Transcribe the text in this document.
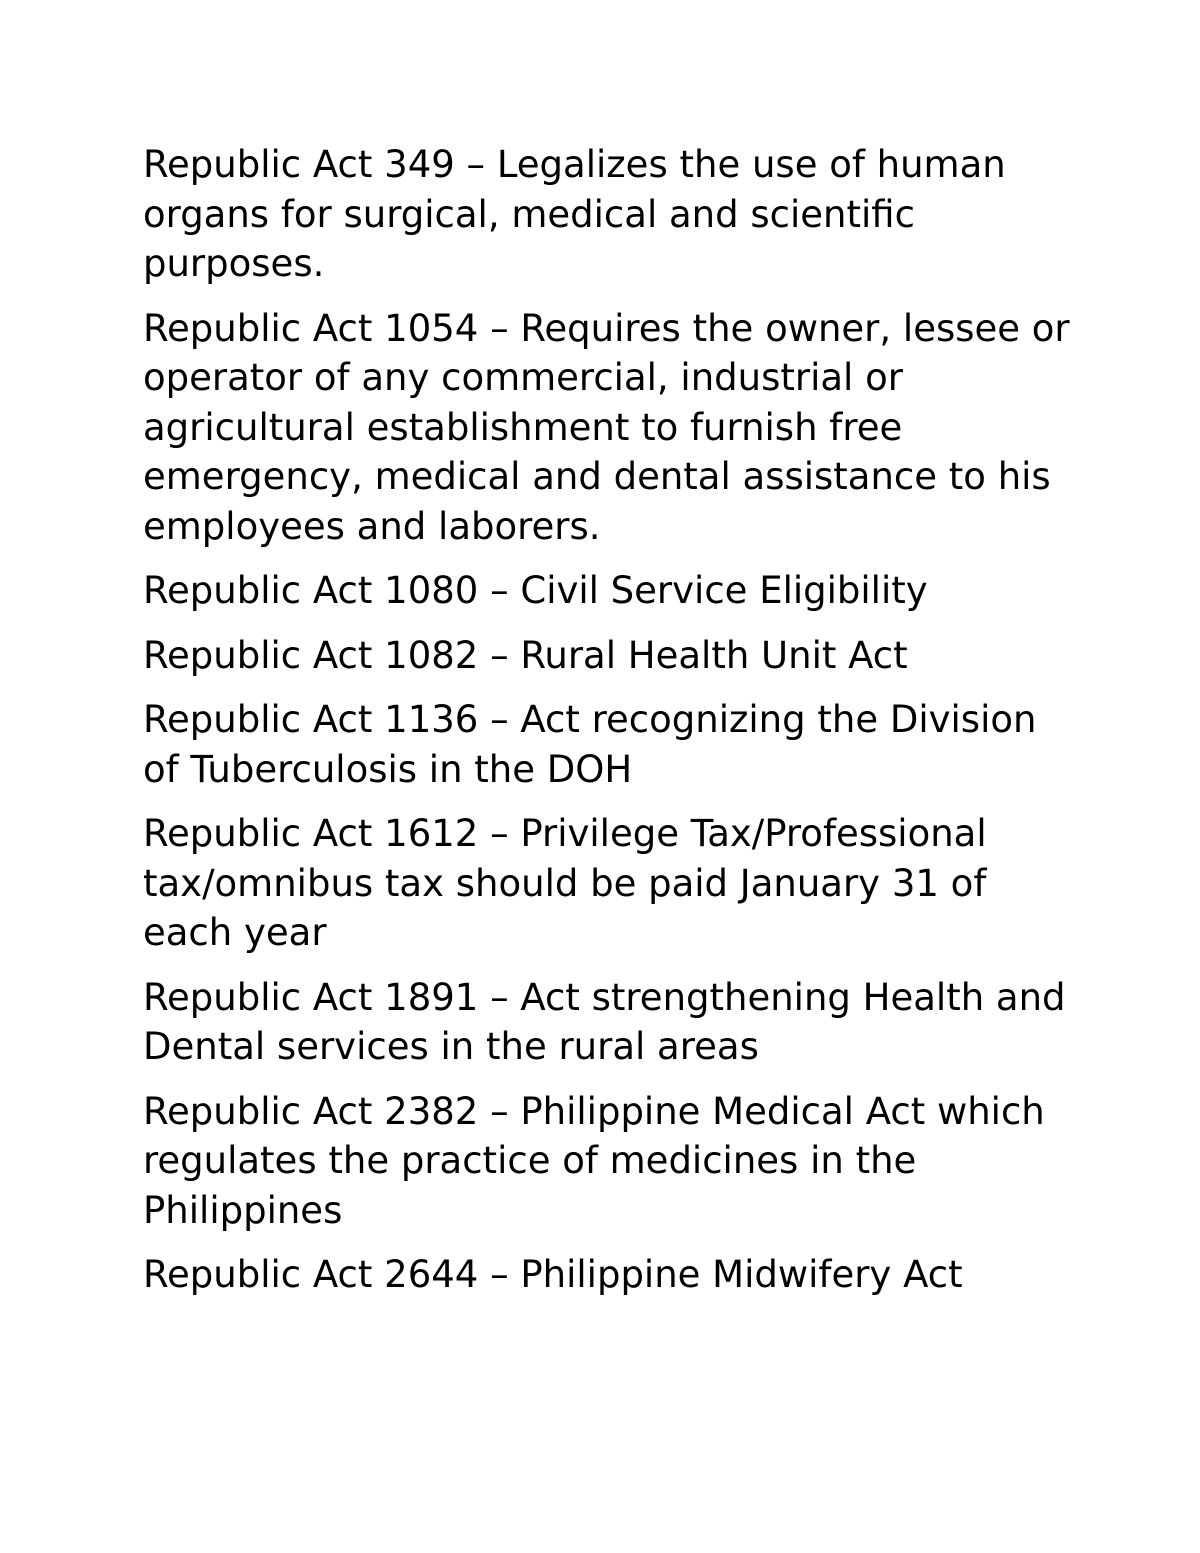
Republic Act 349 – Legalizes the use of human organs for surgical, medical and scientific purposes.

Republic Act 1054 – Requires the owner, lessee or operator of any commercial, industrial or agricultural establishment to furnish free emergency, medical and dental assistance to his employees and laborers.

Republic Act 1080 – Civil Service Eligibility

Republic Act 1082 – Rural Health Unit Act

Republic Act 1136 – Act recognizing the Division of Tuberculosis in the DOH

Republic Act 1612 – Privilege Tax/Professional tax/omnibus tax should be paid January 31 of each year

Republic Act 1891 – Act strengthening Health and Dental services in the rural areas

Republic Act 2382 – Philippine Medical Act which regulates the practice of medicines in the Philippines

Republic Act 2644 – Philippine Midwifery Act
